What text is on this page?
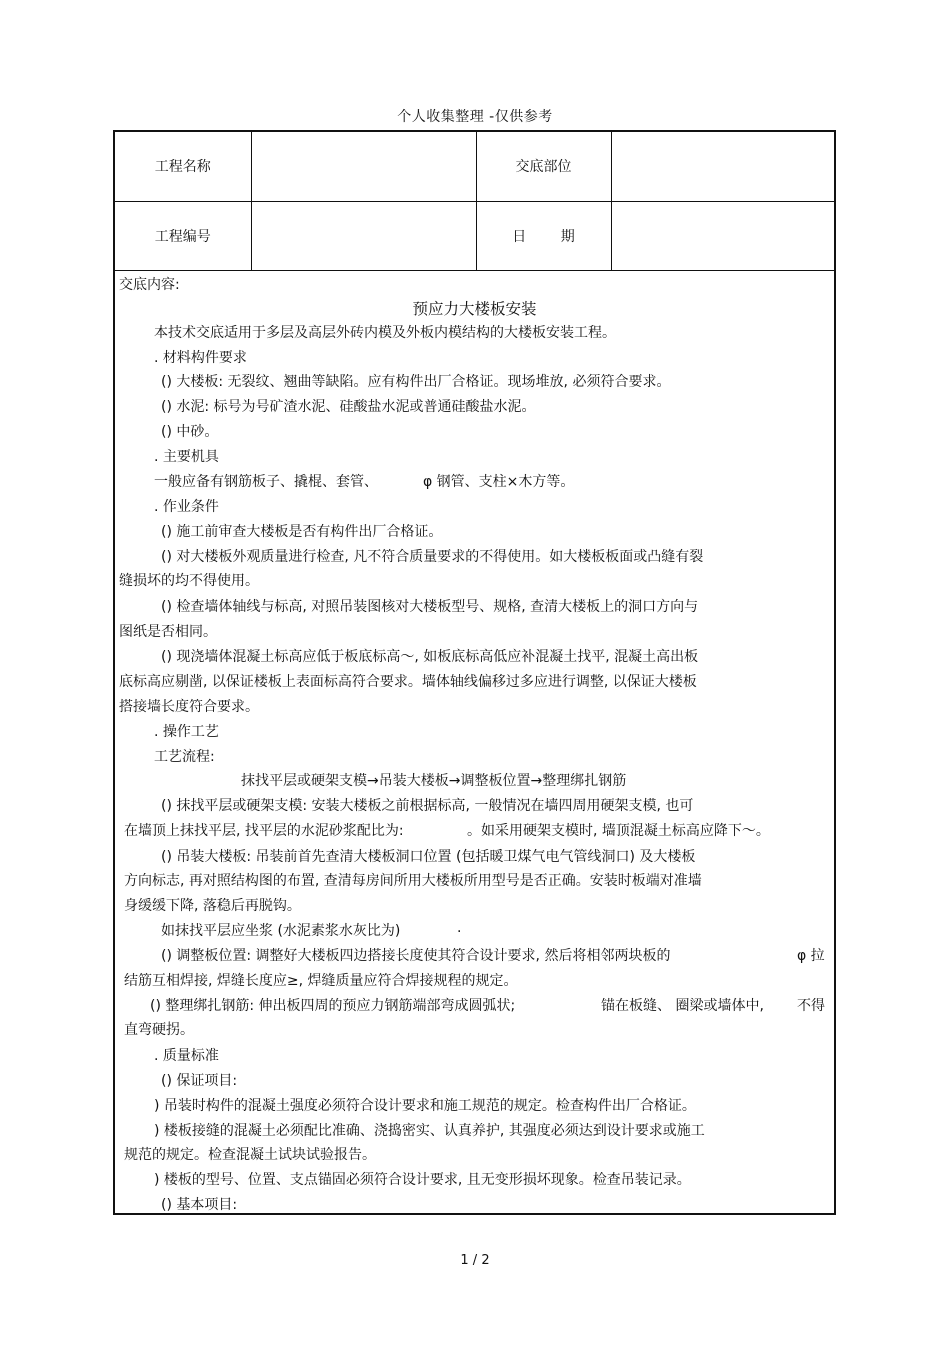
个人收集整理 -仅供参考
工程名称		交底部位	
工程编号		日 期	
交底内容:
预应力大楼板安装
本技术交底适用于多层及高层外砖内模及外板内模结构的大楼板安装工程。
. 材料构件要求
() 大楼板: 无裂纹、翘曲等缺陷。应有构件出厂合格证。现场堆放, 必须符合要求。
() 水泥: 标号为号矿渣水泥、硅酸盐水泥或普通硅酸盐水泥。
() 中砂。
. 主要机具
一般应备有钢筋板子、撬棍、套管、	φ 钢管、支柱×木方等。
. 作业条件
() 施工前审查大楼板是否有构件出厂合格证。
() 对大楼板外观质量进行检查, 凡不符合质量要求的不得使用。如大楼板板面或凸缝有裂
缝损坏的均不得使用。
() 检查墙体轴线与标高, 对照吊装图核对大楼板型号、规格, 查清大楼板上的洞口方向与
图纸是否相同。
() 现浇墙体混凝土标高应低于板底标高～, 如板底标高低应补混凝土找平, 混凝土高出板
底标高应剔凿, 以保证楼板上表面标高符合要求。墙体轴线偏移过多应进行调整, 以保证大楼板
搭接墙长度符合要求。
. 操作工艺
工艺流程:
抹找平层或硬架支模→吊装大楼板→调整板位置→整理绑扎钢筋
() 抹找平层或硬架支模: 安装大楼板之前根据标高, 一般情况在墙四周用硬架支模, 也可
在墙顶上抹找平层, 找平层的水泥砂浆配比为:	。如采用硬架支模时, 墙顶混凝土标高应降下～。
() 吊装大楼板: 吊装前首先查清大楼板洞口位置 (包括暖卫煤气电气管线洞口) 及大楼板
方向标志, 再对照结构图的布置, 查清每房间所用大楼板所用型号是否正确。安装时板端对准墙
身缓缓下降, 落稳后再脱钩。
如抹找平层应坐浆 (水泥素浆水灰比为)	.
() 调整板位置: 调整好大楼板四边搭接长度使其符合设计要求, 然后将相邻两块板的	φ 拉
结筋互相焊接, 焊缝长度应≥, 焊缝质量应符合焊接规程的规定。
() 整理绑扎钢筋: 伸出板四周的预应力钢筋端部弯成圆弧状;	锚在板缝、 圈梁或墙体中, 不得
直弯硬拐。
. 质量标准
() 保证项目:
) 吊装时构件的混凝土强度必须符合设计要求和施工规范的规定。检查构件出厂合格证。
) 楼板接缝的混凝土必须配比准确、浇捣密实、认真养护, 其强度必须达到设计要求或施工
规范的规定。检查混凝土试块试验报告。
) 楼板的型号、位置、支点锚固必须符合设计要求, 且无变形损坏现象。检查吊装记录。
() 基本项目:
1 / 2
